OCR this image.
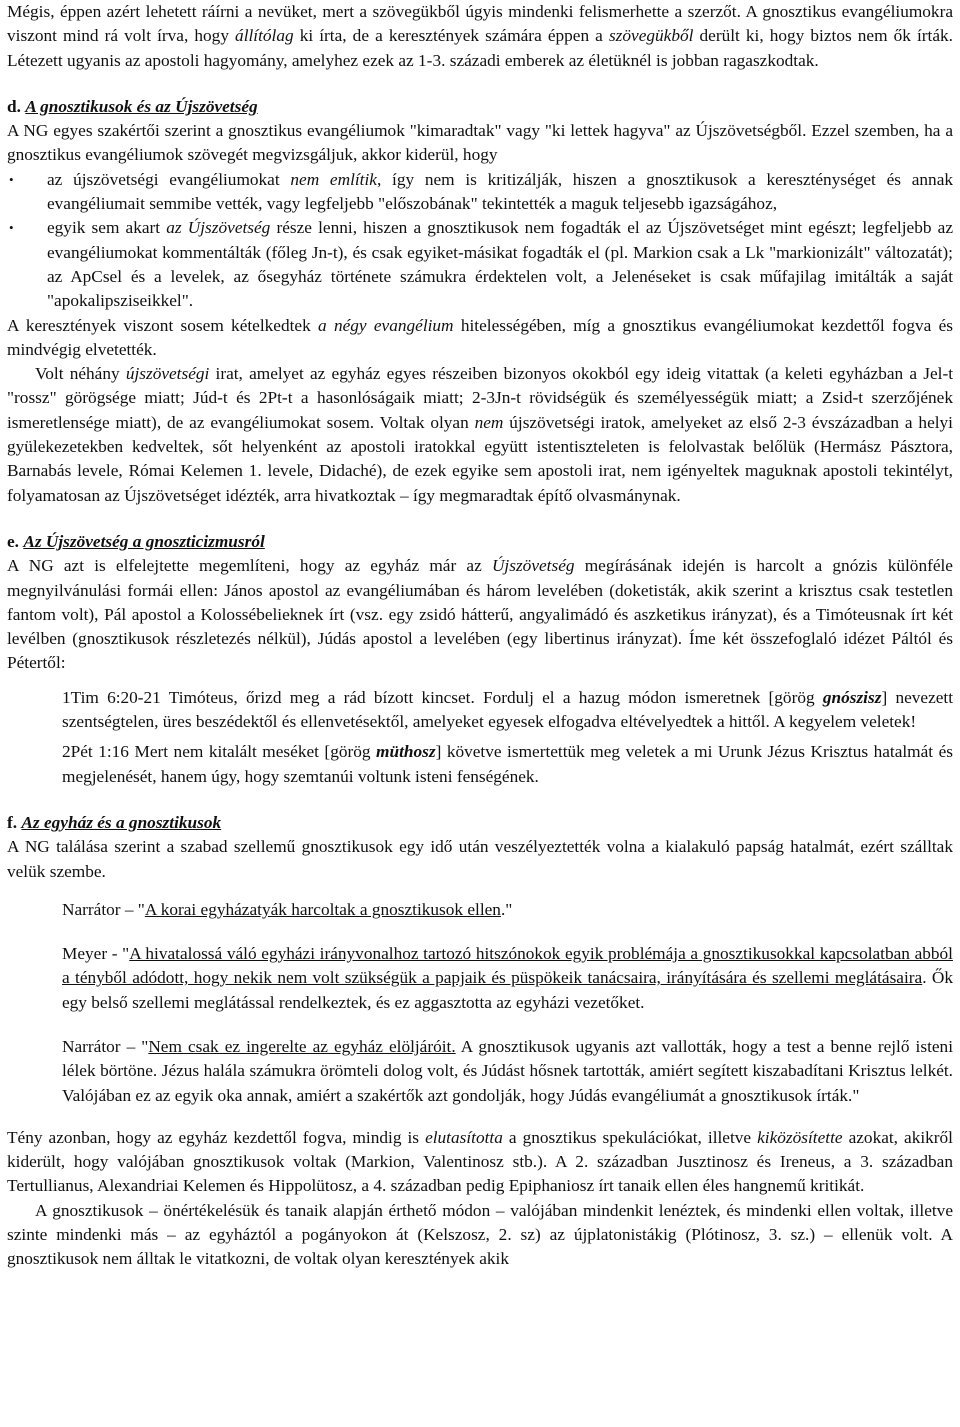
Mégis, éppen azért lehetett ráírni a nevüket, mert a szövegükből úgyis mindenki felismerhette a szerzőt. A gnosztikus evangéliumokra viszont mind rá volt írva, hogy állítólag ki írta, de a keresztények számára éppen a szövegükből derült ki, hogy biztos nem ők írták. Létezett ugyanis az apostoli hagyomány, amelyhez ezek az 1-3. századi emberek az életüknél is jobban ragaszkodtak.

d. A gnosztikusok és az Újszövetség

A NG egyes szakértői szerint a gnosztikus evangéliumok "kimaradtak" vagy "ki lettek hagyva" az Újszövetségből. Ezzel szemben, ha a gnosztikus evangéliumok szövegét megvizsgáljuk, akkor kiderül, hogy

• az újszövetségi evangéliumokat nem említik, így nem is kritizálják, hiszen a gnosztikusok a kereszténységet és annak evangéliumait semmibe vették, vagy legfeljebb "előszobának" tekintették a maguk teljesebb igazságához,
• egyik sem akart az Újszövetség része lenni, hiszen a gnosztikusok nem fogadták el az Újszövetséget mint egészt; legfeljebb az evangéliumokat kommentálták (főleg Jn-t), és csak egyiket-másikat fogadták el (pl. Markion csak a Lk "markionizált" változatát); az ApCsel és a levelek, az ősegyház története számukra érdektelen volt, a Jelenéseket is csak műfajilag imitálták a saját "apokalipsziseikkel".

A keresztények viszont sosem kételkedtek a négy evangélium hitelességében, míg a gnosztikus evangéliumokat kezdettől fogva és mindvégig elvetették.

Volt néhány újszövetségi irat, amelyet az egyház egyes részeiben bizonyos okokból egy ideig vitattak (a keleti egyházban a Jel-t "rossz" görögsége miatt; Júd-t és 2Pt-t a hasonlóságaik miatt; 2-3Jn-t rövidségük és személyességük miatt; a Zsid-t szerzőjének ismeretlensége miatt), de az evangéliumokat sosem. Voltak olyan nem újszövetségi iratok, amelyeket az első 2-3 évszázadban a helyi gyülekezetekben kedveltek, sőt helyenként az apostoli iratokkal együtt istentiszteleten is felolvastak belőlük (Hermász Pásztora, Barnabás levele, Római Kelemen 1. levele, Didaché), de ezek egyike sem apostoli irat, nem igényeltek maguknak apostoli tekintélyt, folyamatosan az Újszövetséget idézték, arra hivatkoztak – így megmaradtak építő olvasmánynak.

e. Az Újszövetség a gnoszticizmusról

A NG azt is elfelejtette megemlíteni, hogy az egyház már az Újszövetség megírásának idején is harcolt a gnózis különféle megnyilvánulási formái ellen: János apostol az evangéliumában és három levelében (doketisták, akik szerint a krisztus csak testetlen fantom volt), Pál apostol a Kolossébelieknek írt (vsz. egy zsidó hátterű, angyalimádó és aszketikus irányzat), és a Timóteusnak írt két levélben (gnosztikusok részletezés nélkül), Júdás apostol a levelében (egy libertinus irányzat). Íme két összefoglaló idézet Páltól és Pétertől:

1Tim 6:20-21 Timóteus, őrizd meg a rád bízott kincset. Fordulj el a hazug módon ismeretnek [görög gnószisz] nevezett szentségtelen, üres beszédektől és ellenvetésektől, amelyeket egyesek elfogadva eltévelyedtek a hittől. A kegyelem veletek!

2Pét 1:16 Mert nem kitalált meséket [görög müthosz] követve ismertettük meg veletek a mi Urunk Jézus Krisztus hatalmát és megjelenését, hanem úgy, hogy szemtanúi voltunk isteni fenségének.

f. Az egyház és a gnosztikusok

A NG találása szerint a szabad szellemű gnosztikusok egy idő után veszélyeztették volna a kialakuló papság hatalmát, ezért szálltak velük szembe.

Narrátor – "A korai egyházatyák harcoltak a gnosztikusok ellen."

Meyer - "A hivatalossá váló egyházi irányvonalhoz tartozó hitszónokok egyik problémája a gnosztikusokkal kapcsolatban abból a tényből adódott, hogy nekik nem volt szükségük a papjaik és püspökeik tanácsaira, irányítására és szellemi meglátásaira. Ők egy belső szellemi meglátással rendelkeztek, és ez aggasztotta az egyházi vezetőket.

Narrátor – "Nem csak ez ingerelte az egyház elöljáróit. A gnosztikusok ugyanis azt vallották, hogy a test a benne rejlő isteni lélek börtöne. Jézus halála számukra örömteli dolog volt, és Júdást hősnek tartották, amiért segített kiszabadítani Krisztus lelkét. Valójában ez az egyik oka annak, amiért a szakértők azt gondolják, hogy Júdás evangéliumát a gnosztikusok írták."

Tény azonban, hogy az egyház kezdettől fogva, mindig is elutasította a gnosztikus spekulációkat, illetve kiközösítette azokat, akikről kiderült, hogy valójában gnosztikusok voltak (Markion, Valentinosz stb.). A 2. században Jusztinosz és Ireneus, a 3. században Tertullianus, Alexandriai Kelemen és Hippolütosz, a 4. században pedig Epiphaniosz írt tanaik ellen éles hangnemű kritikát.

A gnosztikusok – önértékelésük és tanaik alapján érthető módon – valójában mindenkit lenéztek, és mindenki ellen voltak, illetve szinte mindenki más – az egyháztól a pogányokon át (Kelszosz, 2. sz) az újplatonistákig (Plótinosz, 3. sz.) – ellenük volt. A gnosztikusok nem álltak le vitatkozni, de voltak olyan keresztények akik
